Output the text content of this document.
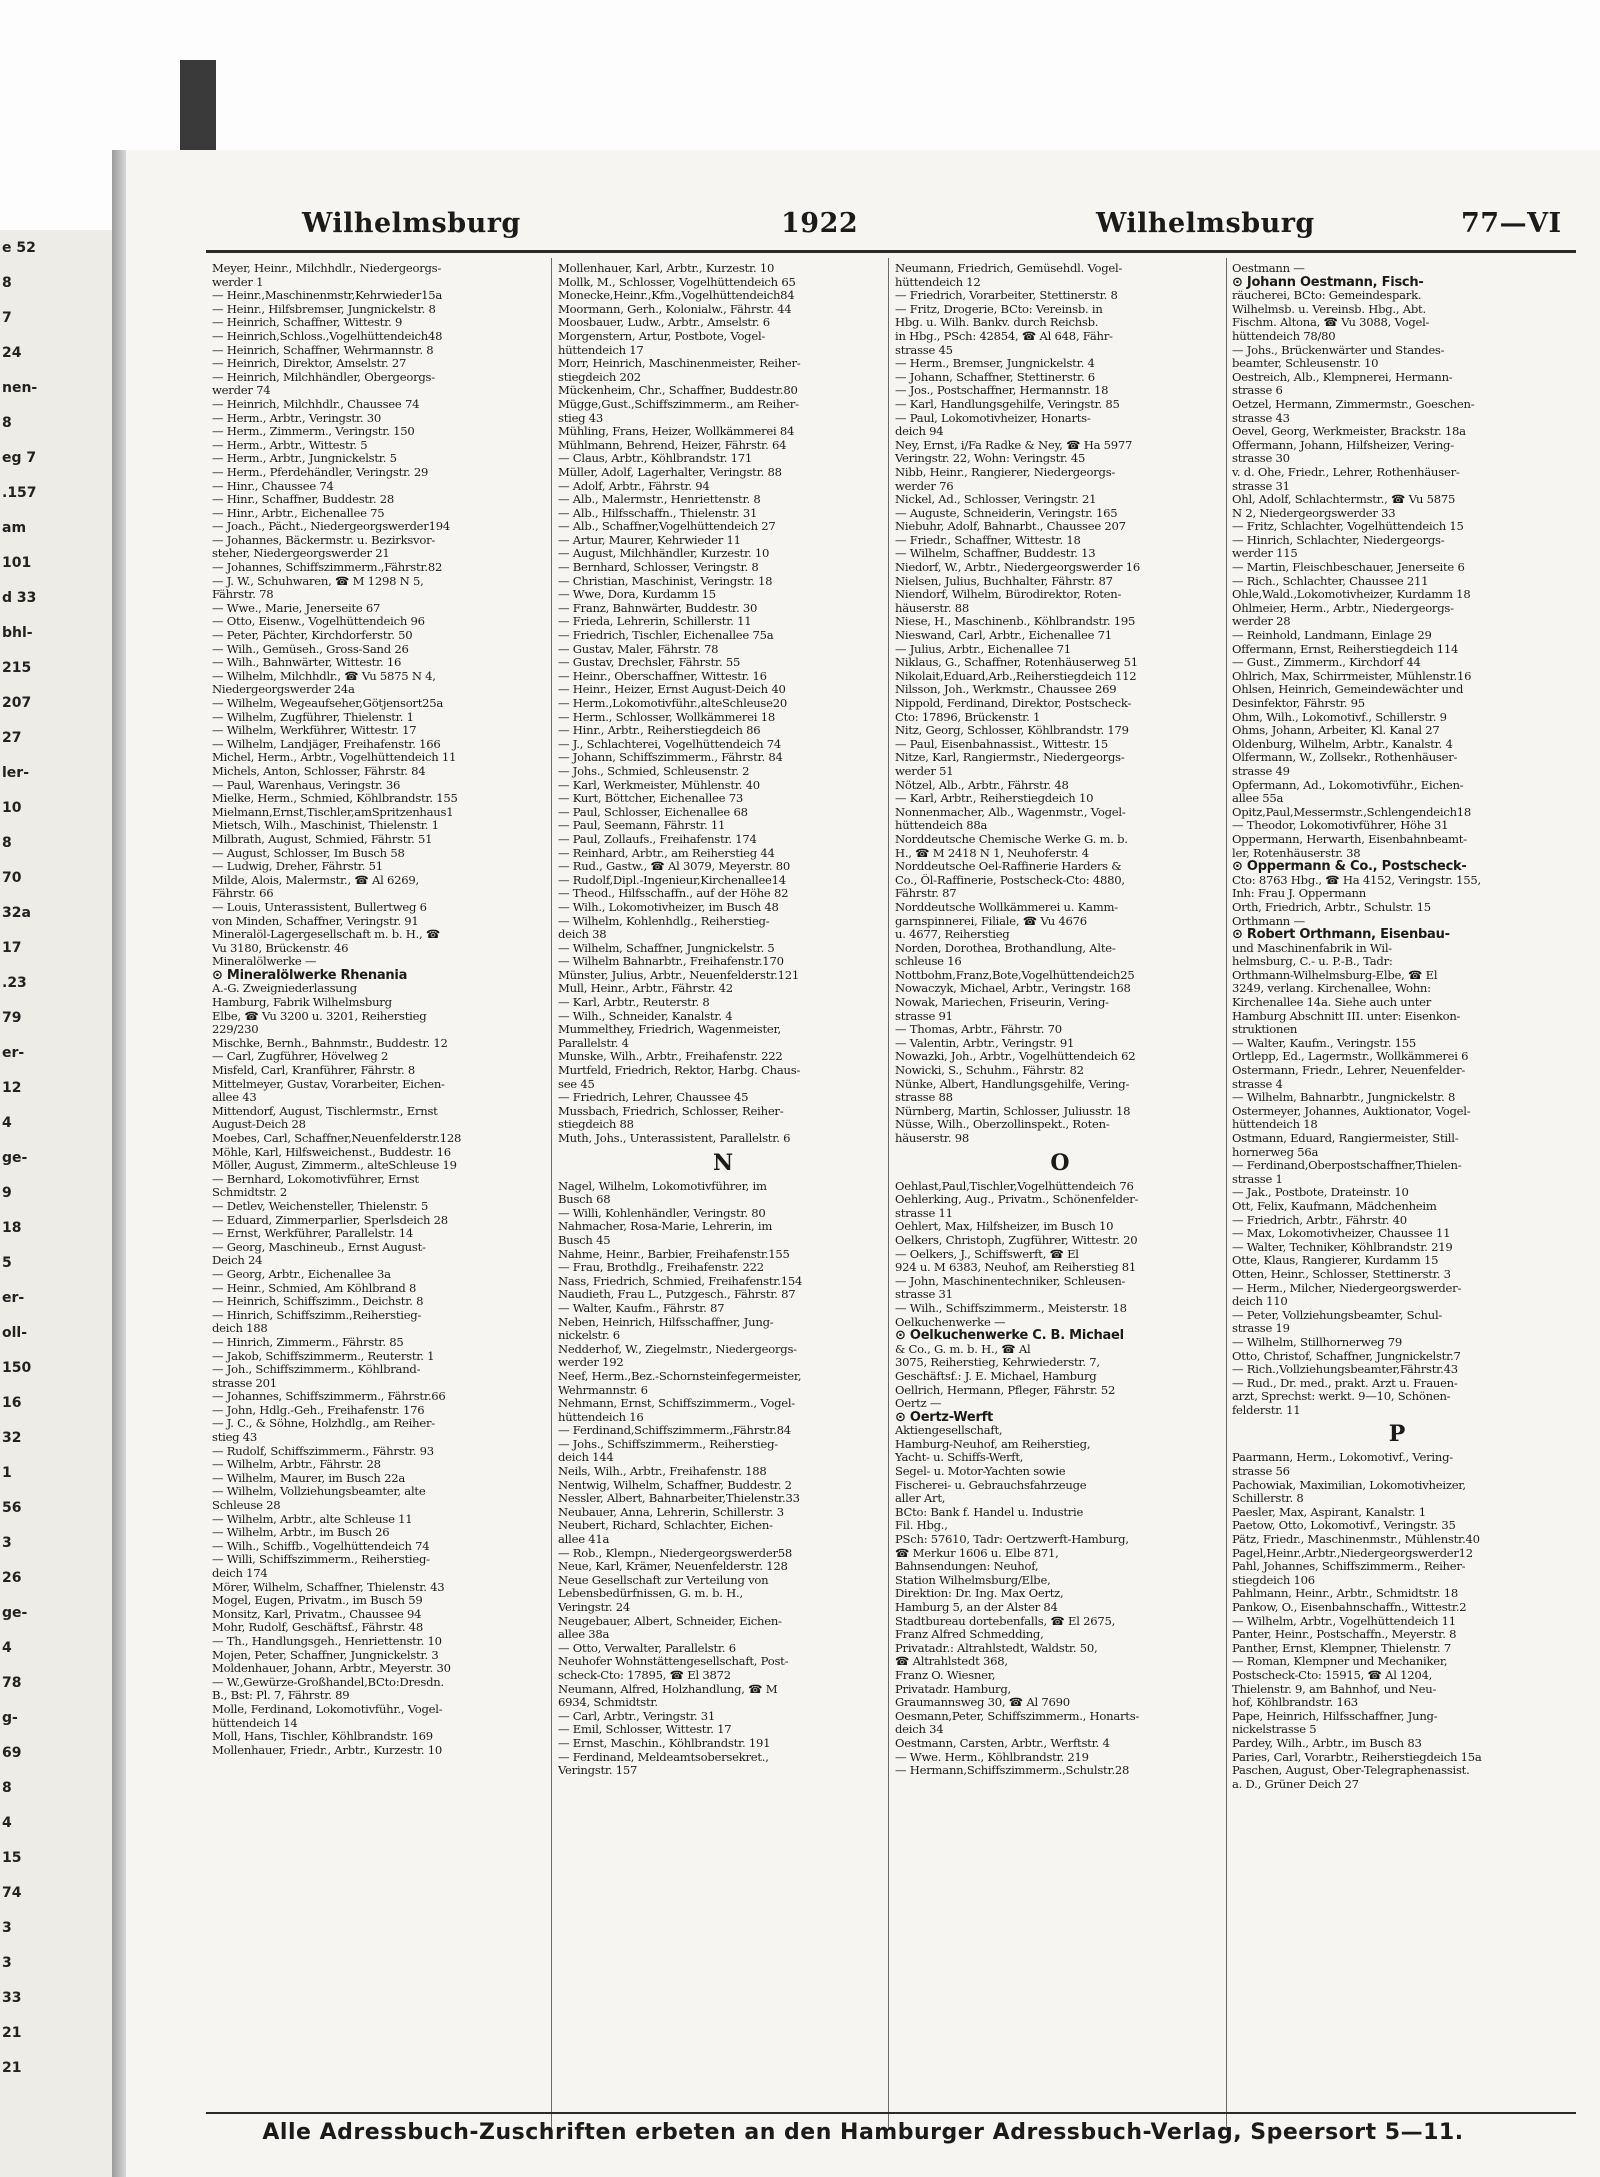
e 52
8
7
24
nen-
8
eg 7
.157
am
101
d 33
bhl-
215
207
27
ler-
10
8
70
32a
17
.23
79
er-
12
4
ge-
9
18
5
er-
oll-
150
16
32
1
56
3
26
ge-
4
78
g-
69
8
4
15
74
3
3
33
21
21
Wilhelmsburg	1922	Wilhelmsburg	77—VI
Meyer, Heinr., Milchhdlr., Niedergeorgs-
werder 1
— Heinr.,Maschinenmstr,Kehrwieder15a
— Heinr., Hilfsbremser, Jungnickelstr. 8
— Heinrich, Schaffner, Wittestr. 9
— Heinrich,Schloss.,Vogelhüttendeich48
— Heinrich, Schaffner, Wehrmannstr. 8
— Heinrich, Direktor, Amselstr. 27
— Heinrich, Milchhändler, Obergeorgs-
werder 74
— Heinrich, Milchhdlr., Chaussee 74
— Herm., Arbtr., Veringstr. 30
— Herm., Zimmerm., Veringstr. 150
— Herm., Arbtr., Wittestr. 5
— Herm., Arbtr., Jungnickelstr. 5
— Herm., Pferdehändler, Veringstr. 29
— Hinr., Chaussee 74
— Hinr., Schaffner, Buddestr. 28
— Hinr., Arbtr., Eichenallee 75
— Joach., Pächt., Niedergeorgswerder194
— Johannes, Bäckermstr. u. Bezirksvor-
steher, Niedergeorgswerder 21
— Johannes, Schiffszimmerm.,Fährstr.82
— J. W., Schuhwaren, ☎ M 1298 N 5,
Fährstr. 78
— Wwe., Marie, Jenerseite 67
— Otto, Eisenw., Vogelhüttendeich 96
— Peter, Pächter, Kirchdorferstr. 50
— Wilh., Gemüseh., Gross-Sand 26
— Wilh., Bahnwärter, Wittestr. 16
— Wilhelm, Milchhdlr., ☎ Vu 5875 N 4,
Niedergeorgswerder 24a
— Wilhelm, Wegeaufseher,Götjensort25a
— Wilhelm, Zugführer, Thielenstr. 1
— Wilhelm, Werkführer, Wittestr. 17
— Wilhelm, Landjäger, Freihafenstr. 166
Michel, Herm., Arbtr., Vogelhüttendeich 11
Michels, Anton, Schlosser, Fährstr. 84
— Paul, Warenhaus, Veringstr. 36
Mielke, Herm., Schmied, Köhlbrandstr. 155
Mielmann,Ernst,Tischler,amSpritzenhaus1
Mietsch, Wilh., Maschinist, Thielenstr. 1
Milbrath, August, Schmied, Fährstr. 51
— August, Schlosser, Im Busch 58
— Ludwig, Dreher, Fährstr. 51
Milde, Alois, Malermstr., ☎ Al 6269,
Fährstr. 66
— Louis, Unterassistent, Bullertweg 6
von Minden, Schaffner, Veringstr. 91
Mineralöl-Lagergesellschaft m. b. H., ☎
Vu 3180, Brückenstr. 46
Mineralölwerke —
⊙ Mineralölwerke Rhenania
A.-G. Zweigniederlassung
Hamburg, Fabrik Wilhelmsburg
Elbe, ☎ Vu 3200 u. 3201, Reiherstieg
229/230
Mischke, Bernh., Bahnmstr., Buddestr. 12
— Carl, Zugführer, Hövelweg 2
Misfeld, Carl, Kranführer, Fährstr. 8
Mittelmeyer, Gustav, Vorarbeiter, Eichen-
allee 43
Mittendorf, August, Tischlermstr., Ernst
August-Deich 28
Moebes, Carl, Schaffner,Neuenfelderstr.128
Möhle, Karl, Hilfsweichenst., Buddestr. 16
Möller, August, Zimmerm., alteSchleuse 19
— Bernhard, Lokomotivführer, Ernst
Schmidtstr. 2
— Detlev, Weichensteller, Thielenstr. 5
— Eduard, Zimmerparlier, Sperlsdeich 28
— Ernst, Werkführer, Parallelstr. 14
— Georg, Maschineub., Ernst August-
Deich 24
— Georg, Arbtr., Eichenallee 3a
— Heinr., Schmied, Am Köhlbrand 8
— Heinrich, Schiffszimm., Deichstr. 8
— Hinrich, Schiffszimm.,Reiherstieg-
deich 188
— Hinrich, Zimmerm., Fährstr. 85
— Jakob, Schiffszimmerm., Reuterstr. 1
— Joh., Schiffszimmerm., Köhlbrand-
strasse 201
— Johannes, Schiffszimmerm., Fährstr.66
— John, Hdlg.-Geh., Freihafenstr. 176
— J. C., & Söhne, Holzhdlg., am Reiher-
stieg 43
— Rudolf, Schiffszimmerm., Fährstr. 93
— Wilhelm, Arbtr., Fährstr. 28
— Wilhelm, Maurer, im Busch 22a
— Wilhelm, Vollziehungsbeamter, alte
Schleuse 28
— Wilhelm, Arbtr., alte Schleuse 11
— Wilhelm, Arbtr., im Busch 26
— Wilh., Schiffb., Vogelhüttendeich 74
— Willi, Schiffszimmerm., Reiherstieg-
deich 174
Mörer, Wilhelm, Schaffner, Thielenstr. 43
Mogel, Eugen, Privatm., im Busch 59
Monsitz, Karl, Privatm., Chaussee 94
Mohr, Rudolf, Geschäftsf., Fährstr. 48
— Th., Handlungsgeh., Henriettenstr. 10
Mojen, Peter, Schaffner, Jungnickelstr. 3
Moldenhauer, Johann, Arbtr., Meyerstr. 30
— W.,Gewürze-Großhandel,BCto:Dresdn.
B., Bst: Pl. 7, Fährstr. 89
Molle, Ferdinand, Lokomotivführ., Vogel-
hüttendeich 14
Moll, Hans, Tischler, Köhlbrandstr. 169
Mollenhauer, Friedr., Arbtr., Kurzestr. 10
Mollenhauer, Karl, Arbtr., Kurzestr. 10
Mollk, M., Schlosser, Vogelhüttendeich 65
Monecke,Heinr.,Kfm.,Vogelhüttendeich84
Moormann, Gerh., Kolonialw., Fährstr. 44
Moosbauer, Ludw., Arbtr., Amselstr. 6
Morgenstern, Artur, Postbote, Vogel-
hüttendeich 17
Morr, Heinrich, Maschinenmeister, Reiher-
stiegdeich 202
Mückenheim, Chr., Schaffner, Buddestr.80
Mügge,Gust.,Schiffszimmerm., am Reiher-
stieg 43
Mühling, Frans, Heizer, Wollkämmerei 84
Mühlmann, Behrend, Heizer, Fährstr. 64
— Claus, Arbtr., Köhlbrandstr. 171
Müller, Adolf, Lagerhalter, Veringstr. 88
— Adolf, Arbtr., Fährstr. 94
— Alb., Malermstr., Henriettenstr. 8
— Alb., Hilfsschaffn., Thielenstr. 31
— Alb., Schaffner,Vogelhüttendeich 27
— Artur, Maurer, Kehrwieder 11
— August, Milchhändler, Kurzestr. 10
— Bernhard, Schlosser, Veringstr. 8
— Christian, Maschinist, Veringstr. 18
— Wwe, Dora, Kurdamm 15
— Franz, Bahnwärter, Buddestr. 30
— Frieda, Lehrerin, Schillerstr. 11
— Friedrich, Tischler, Eichenallee 75a
— Gustav, Maler, Fährstr. 78
— Gustav, Drechsler, Fährstr. 55
— Heinr., Oberschaffner, Wittestr. 16
— Heinr., Heizer, Ernst August-Deich 40
— Herm.,Lokomotivführ.,alteSchleuse20
— Herm., Schlosser, Wollkämmerei 18
— Hinr., Arbtr., Reiherstiegdeich 86
— J., Schlachterei, Vogelhüttendeich 74
— Johann, Schiffszimmerm., Fährstr. 84
— Johs., Schmied, Schleusenstr. 2
— Karl, Werkmeister, Mühlenstr. 40
— Kurt, Böttcher, Eichenallee 73
— Paul, Schlosser, Eichenallee 68
— Paul, Seemann, Fährstr. 11
— Paul, Zollaufs., Freihafenstr. 174
— Reinhard, Arbtr., am Reiherstieg 44
— Rud., Gastw., ☎ Al 3079, Meyerstr. 80
— Rudolf,Dipl.-Ingenieur,Kirchenallee14
— Theod., Hilfsschaffn., auf der Höhe 82
— Wilh., Lokomotivheizer, im Busch 48
— Wilhelm, Kohlenhdlg., Reiherstieg-
deich 38
— Wilhelm, Schaffner, Jungnickelstr. 5
— Wilhelm Bahnarbtr., Freihafenstr.170
Münster, Julius, Arbtr., Neuenfelderstr.121
Mull, Heinr., Arbtr., Fährstr. 42
— Karl, Arbtr., Reuterstr. 8
— Wilh., Schneider, Kanalstr. 4
Mummelthey, Friedrich, Wagenmeister,
Parallelstr. 4
Munske, Wilh., Arbtr., Freihafenstr. 222
Murtfeld, Friedrich, Rektor, Harbg. Chaus-
see 45
— Friedrich, Lehrer, Chaussee 45
Mussbach, Friedrich, Schlosser, Reiher-
stiegdeich 88
Muth, Johs., Unterassistent, Parallelstr. 6
N
Nagel, Wilhelm, Lokomotivführer, im
Busch 68
— Willi, Kohlenhändler, Veringstr. 80
Nahmacher, Rosa-Marie, Lehrerin, im
Busch 45
Nahme, Heinr., Barbier, Freihafenstr.155
— Frau, Brothdlg., Freihafenstr. 222
Nass, Friedrich, Schmied, Freihafenstr.154
Naudieth, Frau L., Putzgesch., Fährstr. 87
— Walter, Kaufm., Fährstr. 87
Neben, Heinrich, Hilfsschaffner, Jung-
nickelstr. 6
Nedderhof, W., Ziegelmstr., Niedergeorgs-
werder 192
Neef, Herm.,Bez.-Schornsteinfegermeister,
Wehrmannstr. 6
Nehmann, Ernst, Schiffszimmerm., Vogel-
hüttendeich 16
— Ferdinand,Schiffszimmerm.,Fährstr.84
— Johs., Schiffszimmerm., Reiherstieg-
deich 144
Neils, Wilh., Arbtr., Freihafenstr. 188
Nentwig, Wilhelm, Schaffner, Buddestr. 2
Nessler, Albert, Bahnarbeiter,Thielenstr.33
Neubauer, Anna, Lehrerin, Schillerstr. 3
Neubert, Richard, Schlachter, Eichen-
allee 41a
— Rob., Klempn., Niedergeorgswerder58
Neue, Karl, Krämer, Neuenfelderstr. 128
Neue Gesellschaft zur Verteilung von
Lebensbedürfnissen, G. m. b. H.,
Veringstr. 24
Neugebauer, Albert, Schneider, Eichen-
allee 38a
— Otto, Verwalter, Parallelstr. 6
Neuhofer Wohnstättengesellschaft, Post-
scheck-Cto: 17895, ☎ El 3872
Neumann, Alfred, Holzhandlung, ☎ M
6934, Schmidtstr.
— Carl, Arbtr., Veringstr. 31
— Emil, Schlosser, Wittestr. 17
— Ernst, Maschin., Köhlbrandstr. 191
— Ferdinand, Meldeamtsobersekret.,
Veringstr. 157
Neumann, Friedrich, Gemüsehdl. Vogel-
hüttendeich 12
— Friedrich, Vorarbeiter, Stettinerstr. 8
— Fritz, Drogerie, BCto: Vereinsb. in
Hbg. u. Wilh. Bankv. durch Reichsb.
in Hbg., PSch: 42854, ☎ Al 648, Fähr-
strasse 45
— Herm., Bremser, Jungnickelstr. 4
— Johann, Schaffner, Stettinerstr. 6
— Jos., Postschaffner, Hermannstr. 18
— Karl, Handlungsgehilfe, Veringstr. 85
— Paul, Lokomotivheizer, Honarts-
deich 94
Ney, Ernst, i/Fa Radke & Ney, ☎ Ha 5977
Veringstr. 22, Wohn: Veringstr. 45
Nibb, Heinr., Rangierer, Niedergeorgs-
werder 76
Nickel, Ad., Schlosser, Veringstr. 21
— Auguste, Schneiderin, Veringstr. 165
Niebuhr, Adolf, Bahnarbt., Chaussee 207
— Friedr., Schaffner, Wittestr. 18
— Wilhelm, Schaffner, Buddestr. 13
Niedorf, W., Arbtr., Niedergeorgswerder 16
Nielsen, Julius, Buchhalter, Fährstr. 87
Niendorf, Wilhelm, Bürodirektor, Roten-
häuserstr. 88
Niese, H., Maschinenb., Köhlbrandstr. 195
Nieswand, Carl, Arbtr., Eichenallee 71
— Julius, Arbtr., Eichenallee 71
Niklaus, G., Schaffner, Rotenhäuserweg 51
Nikolait,Eduard,Arb.,Reiherstiegdeich 112
Nilsson, Joh., Werkmstr., Chaussee 269
Nippold, Ferdinand, Direktor, Postscheck-
Cto: 17896, Brückenstr. 1
Nitz, Georg, Schlosser, Köhlbrandstr. 179
— Paul, Eisenbahnassist., Wittestr. 15
Nitze, Karl, Rangiermstr., Niedergeorgs-
werder 51
Nötzel, Alb., Arbtr., Fährstr. 48
— Karl, Arbtr., Reiherstiegdeich 10
Nonnenmacher, Alb., Wagenmstr., Vogel-
hüttendeich 88a
Norddeutsche Chemische Werke G. m. b.
H., ☎ M 2418 N 1, Neuhoferstr. 4
Norddeutsche Oel-Raffinerie Harders &
Co., Öl-Raffinerie, Postscheck-Cto: 4880,
Fährstr. 87
Norddeutsche Wollkämmerei u. Kamm-
garnspinnerei, Filiale, ☎ Vu 4676
u. 4677, Reiherstieg
Norden, Dorothea, Brothandlung, Alte-
schleuse 16
Nottbohm,Franz,Bote,Vogelhüttendeich25
Nowaczyk, Michael, Arbtr., Veringstr. 168
Nowak, Mariechen, Friseurin, Vering-
strasse 91
— Thomas, Arbtr., Fährstr. 70
— Valentin, Arbtr., Veringstr. 91
Nowazki, Joh., Arbtr., Vogelhüttendeich 62
Nowicki, S., Schuhm., Fährstr. 82
Nünke, Albert, Handlungsgehilfe, Vering-
strasse 88
Nürnberg, Martin, Schlosser, Juliusstr. 18
Nüsse, Wilh., Oberzollinspekt., Roten-
häuserstr. 98
O
Oehlast,Paul,Tischler,Vogelhüttendeich 76
Oehlerking, Aug., Privatm., Schönenfelder-
strasse 11
Oehlert, Max, Hilfsheizer, im Busch 10
Oelkers, Christoph, Zugführer, Wittestr. 20
— Oelkers, J., Schiffswerft, ☎ El
924 u. M 6383, Neuhof, am Reiherstieg 81
— John, Maschinentechniker, Schleusen-
strasse 31
— Wilh., Schiffszimmerm., Meisterstr. 18
Oelkuchenwerke —
⊙ Oelkuchenwerke C. B. Michael
& Co., G. m. b. H., ☎ Al
3075, Reiherstieg, Kehrwiederstr. 7,
Geschäftsf.: J. E. Michael, Hamburg
Oellrich, Hermann, Pfleger, Fährstr. 52
Oertz —
⊙ Oertz-Werft
Aktiengesellschaft,
Hamburg-Neuhof, am Reiherstieg,
Yacht- u. Schiffs-Werft,
Segel- u. Motor-Yachten sowie
Fischerei- u. Gebrauchsfahrzeuge
aller Art,
BCto: Bank f. Handel u. Industrie
Fil. Hbg.,
PSch: 57610, Tadr: Oertzwerft-Hamburg,
☎ Merkur 1606 u. Elbe 871,
Bahnsendungen: Neuhof,
Station Wilhelmsburg/Elbe,
Direktion: Dr. Ing. Max Oertz,
Hamburg 5, an der Alster 84
Stadtbureau dortebenfalls, ☎ El 2675,
Franz Alfred Schmedding,
Privatadr.: Altrahlstedt, Waldstr. 50,
☎ Altrahlstedt 368,
Franz O. Wiesner,
Privatadr. Hamburg,
Graumannsweg 30, ☎ Al 7690
Oesmann,Peter, Schiffszimmerm., Honarts-
deich 34
Oestmann, Carsten, Arbtr., Werftstr. 4
— Wwe. Herm., Köhlbrandstr. 219
— Hermann,Schiffszimmerm.,Schulstr.28
Oestmann —
⊙ Johann Oestmann, Fisch-
räucherei, BCto: Gemeindespark.
Wilhelmsb. u. Vereinsb. Hbg., Abt.
Fischm. Altona, ☎ Vu 3088, Vogel-
hüttendeich 78/80
— Johs., Brückenwärter und Standes-
beamter, Schleusenstr. 10
Oestreich, Alb., Klempnerei, Hermann-
strasse 6
Oetzel, Hermann, Zimmermstr., Goeschen-
strasse 43
Oevel, Georg, Werkmeister, Brackstr. 18a
Offermann, Johann, Hilfsheizer, Vering-
strasse 30
v. d. Ohe, Friedr., Lehrer, Rothenhäuser-
strasse 31
Ohl, Adolf, Schlachtermstr., ☎ Vu 5875
N 2, Niedergeorgswerder 33
— Fritz, Schlachter, Vogelhüttendeich 15
— Hinrich, Schlachter, Niedergeorgs-
werder 115
— Martin, Fleischbeschauer, Jenerseite 6
— Rich., Schlachter, Chaussee 211
Ohle,Wald.,Lokomotivheizer, Kurdamm 18
Ohlmeier, Herm., Arbtr., Niedergeorgs-
werder 28
— Reinhold, Landmann, Einlage 29
Offermann, Ernst, Reiherstiegdeich 114
— Gust., Zimmerm., Kirchdorf 44
Ohlrich, Max, Schirrmeister, Mühlenstr.16
Ohlsen, Heinrich, Gemeindewächter und
Desinfektor, Fährstr. 95
Ohm, Wilh., Lokomotivf., Schillerstr. 9
Ohms, Johann, Arbeiter, Kl. Kanal 27
Oldenburg, Wilhelm, Arbtr., Kanalstr. 4
Olfermann, W., Zollsekr., Rothenhäuser-
strasse 49
Opfermann, Ad., Lokomotivführ., Eichen-
allee 55a
Opitz,Paul,Messermstr.,Schlengendeich18
— Theodor, Lokomotivführer, Höhe 31
Oppermann, Herwarth, Eisenbahnbeamt-
ler, Rotenhäuserstr. 38
⊙ Oppermann & Co., Postscheck-
Cto: 8763 Hbg., ☎ Ha 4152, Veringstr. 155,
Inh: Frau J. Oppermann
Orth, Friedrich, Arbtr., Schulstr. 15
Orthmann —
⊙ Robert Orthmann, Eisenbau-
und Maschinenfabrik in Wil-
helmsburg, C.- u. P.-B., Tadr:
Orthmann-Wilhelmsburg-Elbe, ☎ El
3249, verlang. Kirchenallee, Wohn:
Kirchenallee 14a. Siehe auch unter
Hamburg Abschnitt III. unter: Eisenkon-
struktionen
— Walter, Kaufm., Veringstr. 155
Ortlepp, Ed., Lagermstr., Wollkämmerei 6
Ostermann, Friedr., Lehrer, Neuenfelder-
strasse 4
— Wilhelm, Bahnarbtr., Jungnickelstr. 8
Ostermeyer, Johannes, Auktionator, Vogel-
hüttendeich 18
Ostmann, Eduard, Rangiermeister, Still-
hornerweg 56a
— Ferdinand,Oberpostschaffner,Thielen-
strasse 1
— Jak., Postbote, Drateinstr. 10
Ott, Felix, Kaufmann, Mädchenheim
— Friedrich, Arbtr., Fährstr. 40
— Max, Lokomotivheizer, Chaussee 11
— Walter, Techniker, Köhlbrandstr. 219
Otte, Klaus, Rangierer, Kurdamm 15
Otten, Heinr., Schlosser, Stettinerstr. 3
— Herm., Milcher, Niedergeorgswerder-
deich 110
— Peter, Vollziehungsbeamter, Schul-
strasse 19
— Wilhelm, Stillhornerweg 79
Otto, Christof, Schaffner, Jungnickelstr.7
— Rich.,Vollziehungsbeamter,Fährstr.43
— Rud., Dr. med., prakt. Arzt u. Frauen-
arzt, Sprechst: werkt. 9—10, Schönen-
felderstr. 11
P
Paarmann, Herm., Lokomotivf., Vering-
strasse 56
Pachowiak, Maximilian, Lokomotivheizer,
Schillerstr. 8
Paesler, Max, Aspirant, Kanalstr. 1
Paetow, Otto, Lokomotivf., Veringstr. 35
Pätz, Friedr., Maschinenmstr., Mühlenstr.40
Pagel,Heinr.,Arbtr.,Niedergeorgswerder12
Pahl, Johannes, Schiffszimmerm., Reiher-
stiegdeich 106
Pahlmann, Heinr., Arbtr., Schmidtstr. 18
Pankow, O., Eisenbahnschaffn., Wittestr.2
— Wilhelm, Arbtr., Vogelhüttendeich 11
Panter, Heinr., Postschaffn., Meyerstr. 8
Panther, Ernst, Klempner, Thielenstr. 7
— Roman, Klempner und Mechaniker,
Postscheck-Cto: 15915, ☎ Al 1204,
Thielenstr. 9, am Bahnhof, und Neu-
hof, Köhlbrandstr. 163
Pape, Heinrich, Hilfsschaffner, Jung-
nickelstrasse 5
Pardey, Wilh., Arbtr., im Busch 83
Paries, Carl, Vorarbtr., Reiherstiegdeich 15a
Paschen, August, Ober-Telegraphenassist.
a. D., Grüner Deich 27
Alle Adressbuch-Zuschriften erbeten an den Hamburger Adressbuch-Verlag, Speersort 5—11.
